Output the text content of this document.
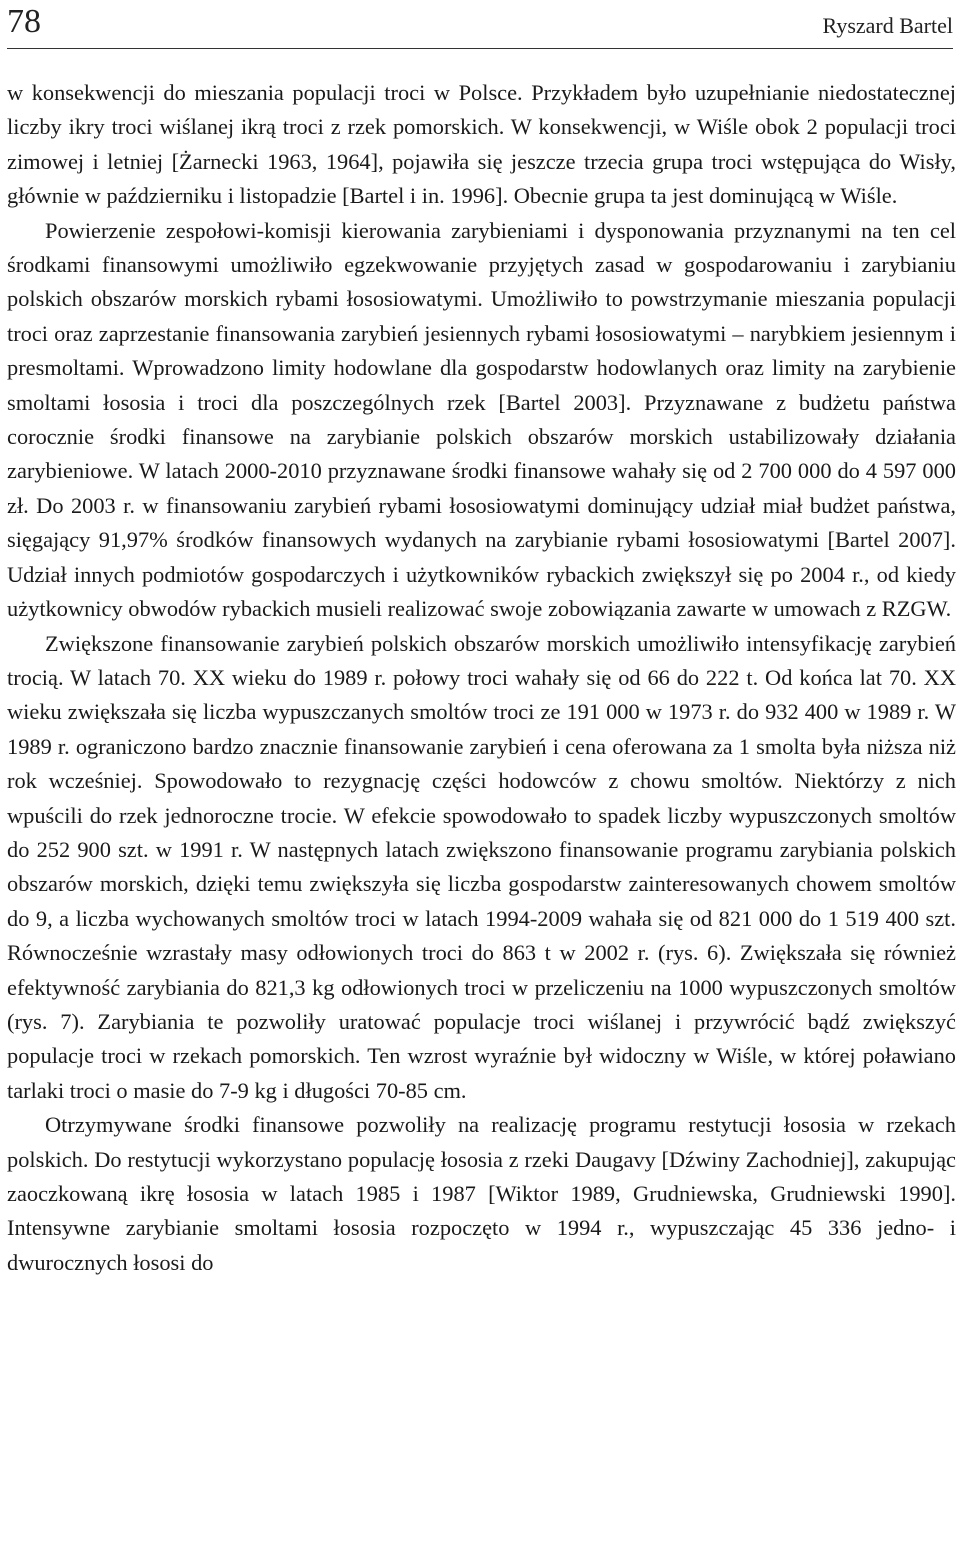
78	Ryszard Bartel

w konsekwencji do mieszania populacji troci w Polsce. Przykładem było uzupełnianie niedostatecznej liczby ikry troci wiślanej ikrą troci z rzek pomorskich. W konsekwencji, w Wiśle obok 2 populacji troci zimowej i letniej [Żarnecki 1963, 1964], pojawiła się jeszcze trzecia grupa troci wstępująca do Wisły, głównie w październiku i listopadzie [Bartel i in. 1996]. Obecnie grupa ta jest dominującą w Wiśle.

Powierzenie zespołowi-komisji kierowania zarybieniami i dysponowania przyznanymi na ten cel środkami finansowymi umożliwiło egzekwowanie przyjętych zasad w gospodarowaniu i zarybianiu polskich obszarów morskich rybami łososiowatymi. Umożliwiło to powstrzymanie mieszania populacji troci oraz zaprzestanie finansowania zarybień jesiennych rybami łososiowatymi – narybkiem jesiennym i presmoltami. Wprowadzono limity hodowlane dla gospodarstw hodowlanych oraz limity na zarybienie smoltami łososia i troci dla poszczególnych rzek [Bartel 2003]. Przyznawane z budżetu państwa corocznie środki finansowe na zarybianie polskich obszarów morskich ustabilizowały działania zarybieniowe. W latach 2000-2010 przyznawane środki finansowe wahały się od 2 700 000 do 4 597 000 zł. Do 2003 r. w finansowaniu zarybień rybami łososiowatymi dominujący udział miał budżet państwa, sięgający 91,97% środków finansowych wydanych na zarybianie rybami łososiowatymi [Bartel 2007]. Udział innych podmiotów gospodarczych i użytkowników rybackich zwiększył się po 2004 r., od kiedy użytkownicy obwodów rybackich musieli realizować swoje zobowiązania zawarte w umowach z RZGW.

Zwiększone finansowanie zarybień polskich obszarów morskich umożliwiło intensyfikację zarybień trocią. W latach 70. XX wieku do 1989 r. połowy troci wahały się od 66 do 222 t. Od końca lat 70. XX wieku zwiększała się liczba wypuszczanych smoltów troci ze 191 000 w 1973 r. do 932 400 w 1989 r. W 1989 r. ograniczono bardzo znacznie finansowanie zarybień i cena oferowana za 1 smolta była niższa niż rok wcześniej. Spowodowało to rezygnację części hodowców z chowu smoltów. Niektórzy z nich wpuścili do rzek jednoroczne trocie. W efekcie spowodowało to spadek liczby wypuszczonych smoltów do 252 900 szt. w 1991 r. W następnych latach zwiększono finansowanie programu zarybiania polskich obszarów morskich, dzięki temu zwiększyła się liczba gospodarstw zainteresowanych chowem smoltów do 9, a liczba wychowanych smoltów troci w latach 1994-2009 wahała się od 821 000 do 1 519 400 szt. Równocześnie wzrastały masy odłowionych troci do 863 t w 2002 r. (rys. 6). Zwiększała się również efektywność zarybiania do 821,3 kg odłowionych troci w przeliczeniu na 1000 wypuszczonych smoltów (rys. 7). Zarybiania te pozwoliły uratować populacje troci wiślanej i przywrócić bądź zwiększyć populacje troci w rzekach pomorskich. Ten wzrost wyraźnie był widoczny w Wiśle, w której poławiano tarlaki troci o masie do 7-9 kg i długości 70-85 cm.

Otrzymywane środki finansowe pozwoliły na realizację programu restytucji łososia w rzekach polskich. Do restytucji wykorzystano populację łososia z rzeki Daugavy [Dźwiny Zachodniej], zakupując zaoczkowaną ikrę łososia w latach 1985 i 1987 [Wiktor 1989, Grudniewska, Grudniewski 1990]. Intensywne zarybianie smoltami łososia rozpoczęto w 1994 r., wypuszczając 45 336 jedno- i dwurocznych łososi do
